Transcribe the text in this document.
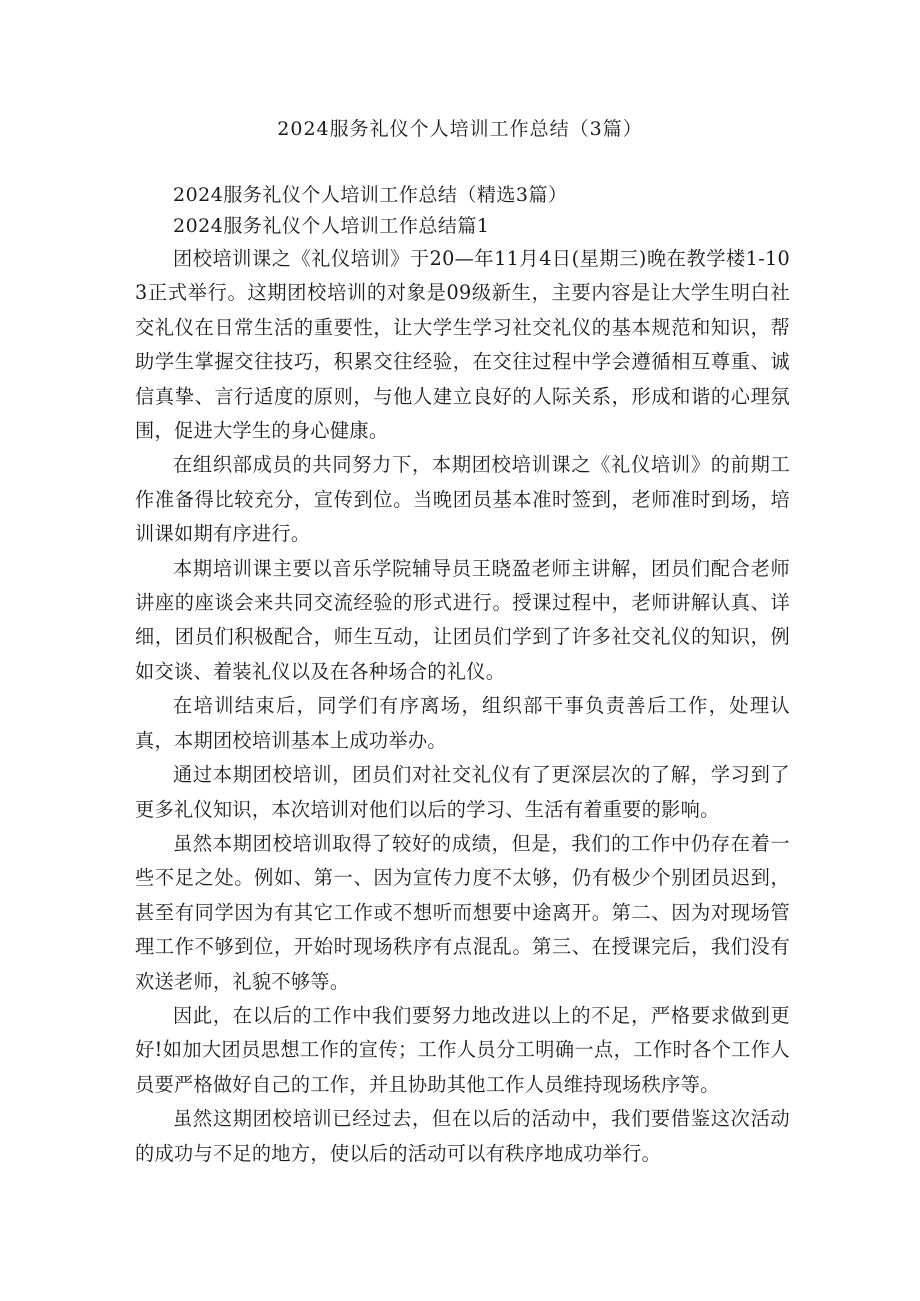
2024服务礼仪个人培训工作总结（3篇）

2024服务礼仪个人培训工作总结（精选3篇）

2024服务礼仪个人培训工作总结篇1

团校培训课之《礼仪培训》于20—年11月4日(星期三)晚在教学楼1-103正式举行。这期团校培训的对象是09级新生，主要内容是让大学生明白社交礼仪在日常生活的重要性，让大学生学习社交礼仪的基本规范和知识，帮助学生掌握交往技巧，积累交往经验，在交往过程中学会遵循相互尊重、诚信真挚、言行适度的原则，与他人建立良好的人际关系，形成和谐的心理氛围，促进大学生的身心健康。

在组织部成员的共同努力下，本期团校培训课之《礼仪培训》的前期工作准备得比较充分，宣传到位。当晚团员基本准时签到，老师准时到场，培训课如期有序进行。

本期培训课主要以音乐学院辅导员王晓盈老师主讲解，团员们配合老师讲座的座谈会来共同交流经验的形式进行。授课过程中，老师讲解认真、详细，团员们积极配合，师生互动，让团员们学到了许多社交礼仪的知识，例如交谈、着装礼仪以及在各种场合的礼仪。

在培训结束后，同学们有序离场，组织部干事负责善后工作，处理认真，本期团校培训基本上成功举办。

通过本期团校培训，团员们对社交礼仪有了更深层次的了解，学习到了更多礼仪知识，本次培训对他们以后的学习、生活有着重要的影响。

虽然本期团校培训取得了较好的成绩，但是，我们的工作中仍存在着一些不足之处。例如、第一、因为宣传力度不太够，仍有极少个别团员迟到，甚至有同学因为有其它工作或不想听而想要中途离开。第二、因为对现场管理工作不够到位，开始时现场秩序有点混乱。第三、在授课完后，我们没有欢送老师，礼貌不够等。

因此，在以后的工作中我们要努力地改进以上的不足，严格要求做到更好!如加大团员思想工作的宣传；工作人员分工明确一点，工作时各个工作人员要严格做好自己的工作，并且协助其他工作人员维持现场秩序等。

虽然这期团校培训已经过去，但在以后的活动中，我们要借鉴这次活动的成功与不足的地方，使以后的活动可以有秩序地成功举行。
